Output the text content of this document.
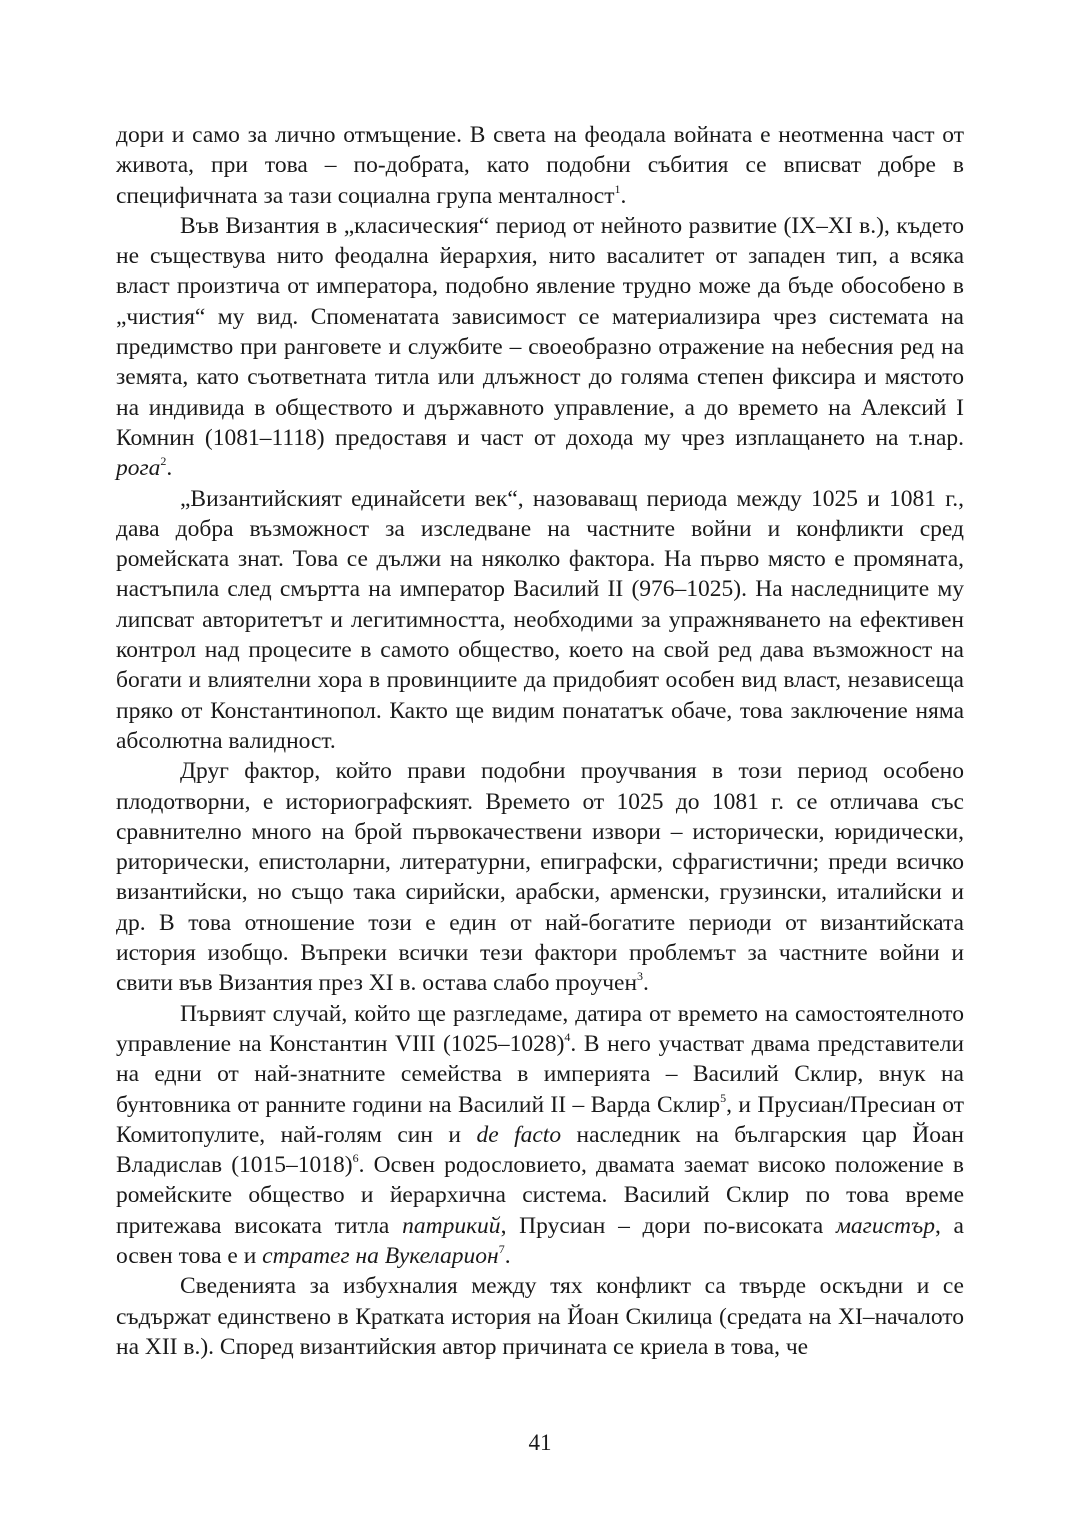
дори и само за лично отмъщение. В света на феодала войната е неотменна част от живота, при това – по-добрата, като подобни събития се вписват добре в специфичната за тази социална група менталност$^1$.

Във Византия в „класическия“ период от нейното развитие (IX–XI в.), където не съществува нито феодална йерархия, нито васалитет от западен тип, а всяка власт произтича от императора, подобно явление трудно може да бъде обособено в „чистия“ му вид. Споменатата зависимост се материализира чрез системата на предимство при ранговете и службите – своеобразно отражение на небесния ред на земята, като съответната титла или длъжност до голяма степен фиксира и мястото на индивида в обществото и държавното управление, а до времето на Алексий I Комнин (1081–1118) предоставя и част от дохода му чрез изплащането на т.нар. рога$^2$.

„Византийският единайсети век“, назоваващ периода между 1025 и 1081 г., дава добра възможност за изследване на частните войни и конфликти сред ромейската знат. Това се дължи на няколко фактора. На първо място е промяната, настъпила след смъртта на император Василий II (976–1025). На наследниците му липсват авторитетът и легитимността, необходими за упражняването на ефективен контрол над процесите в самото общество, което на свой ред дава възможност на богати и влиятелни хора в провинциите да придобият особен вид власт, независеща пряко от Константинопол. Както ще видим понататък обаче, това заключение няма абсолютна валидност.

Друг фактор, който прави подобни проучвания в този период особено плодотворни, е историографският. Времето от 1025 до 1081 г. се отличава със сравнително много на брой първокачествени извори – исторически, юридически, риторически, епистоларни, литературни, епиграфски, сфрагистични; преди всичко византийски, но също така сирийски, арабски, арменски, грузински, италийски и др. В това отношение този е един от най-богатите периоди от византийската история изобщо. Въпреки всички тези фактори проблемът за частните войни и свити във Византия през XI в. остава слабо проучен$^3$.

Първият случай, който ще разгледаме, датира от времето на самостоятелното управление на Константин VIII (1025–1028)$^4$. В него участват двама представители на едни от най-знатните семейства в империята – Василий Склир, внук на бунтовника от ранните години на Василий II – Варда Склир$^5$, и Прусиан/Пресиан от Комитопулите, най-голям син и de facto наследник на българския цар Йоан Владислав (1015–1018)$^6$. Освен родословието, двамата заемат високо положение в ромейските общество и йерархична система. Василий Склир по това време притежава високата титла патрикий, Прусиан – дори по-високата магистър, а освен това е и стратег на Вукеларион$^7$.

Сведенията за избухналия между тях конфликт са твърде оскъдни и се съдържат единствено в Кратката история на Йоан Скилица (средата на XI–началото на XII в.). Според византийския автор причината се криела в това, че

41
